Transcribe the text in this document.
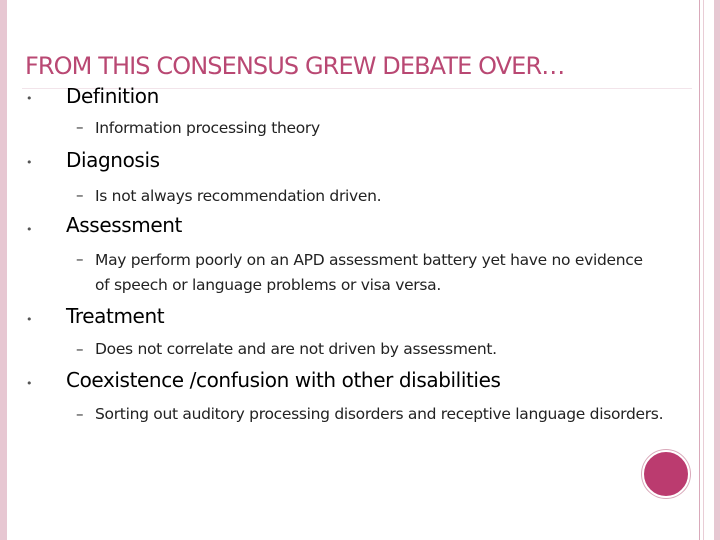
FROM THIS CONSENSUS GREW DEBATE OVER…
• Definition
– Information processing theory
• Diagnosis
– Is not always recommendation driven.
• Assessment
– May perform poorly on an APD assessment battery yet have no evidence of speech or language problems or visa versa.
• Treatment
– Does not correlate and are not driven by assessment.
• Coexistence /confusion with other disabilities
– Sorting out auditory processing disorders and receptive language disorders.
